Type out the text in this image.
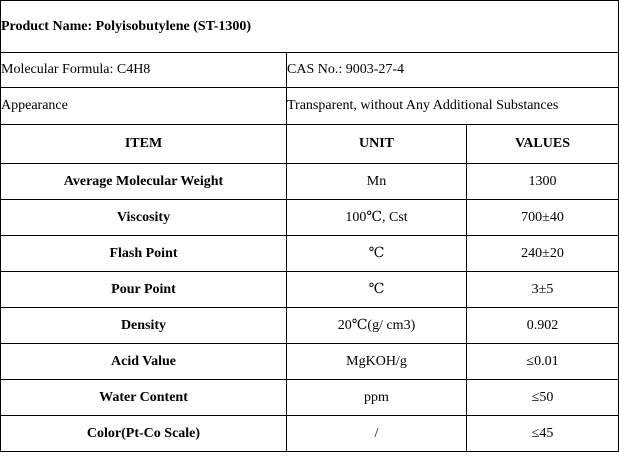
Product Name: Polyisobutylene (ST-1300)		
Molecular Formula: C4H8	CAS No.: 9003-27-4	
Appearance	Transparent, without Any Additional Substances	
ITEM	UNIT	VALUES
Average Molecular Weight	Mn	1300
Viscosity	100℃, Cst	700±40
Flash Point	℃	240±20
Pour Point	℃	3±5
Density	20℃(g/ cm3)	0.902
Acid Value	MgKOH/g	≤0.01
Water Content	ppm	≤50
Color(Pt-Co Scale)	/	≤45
